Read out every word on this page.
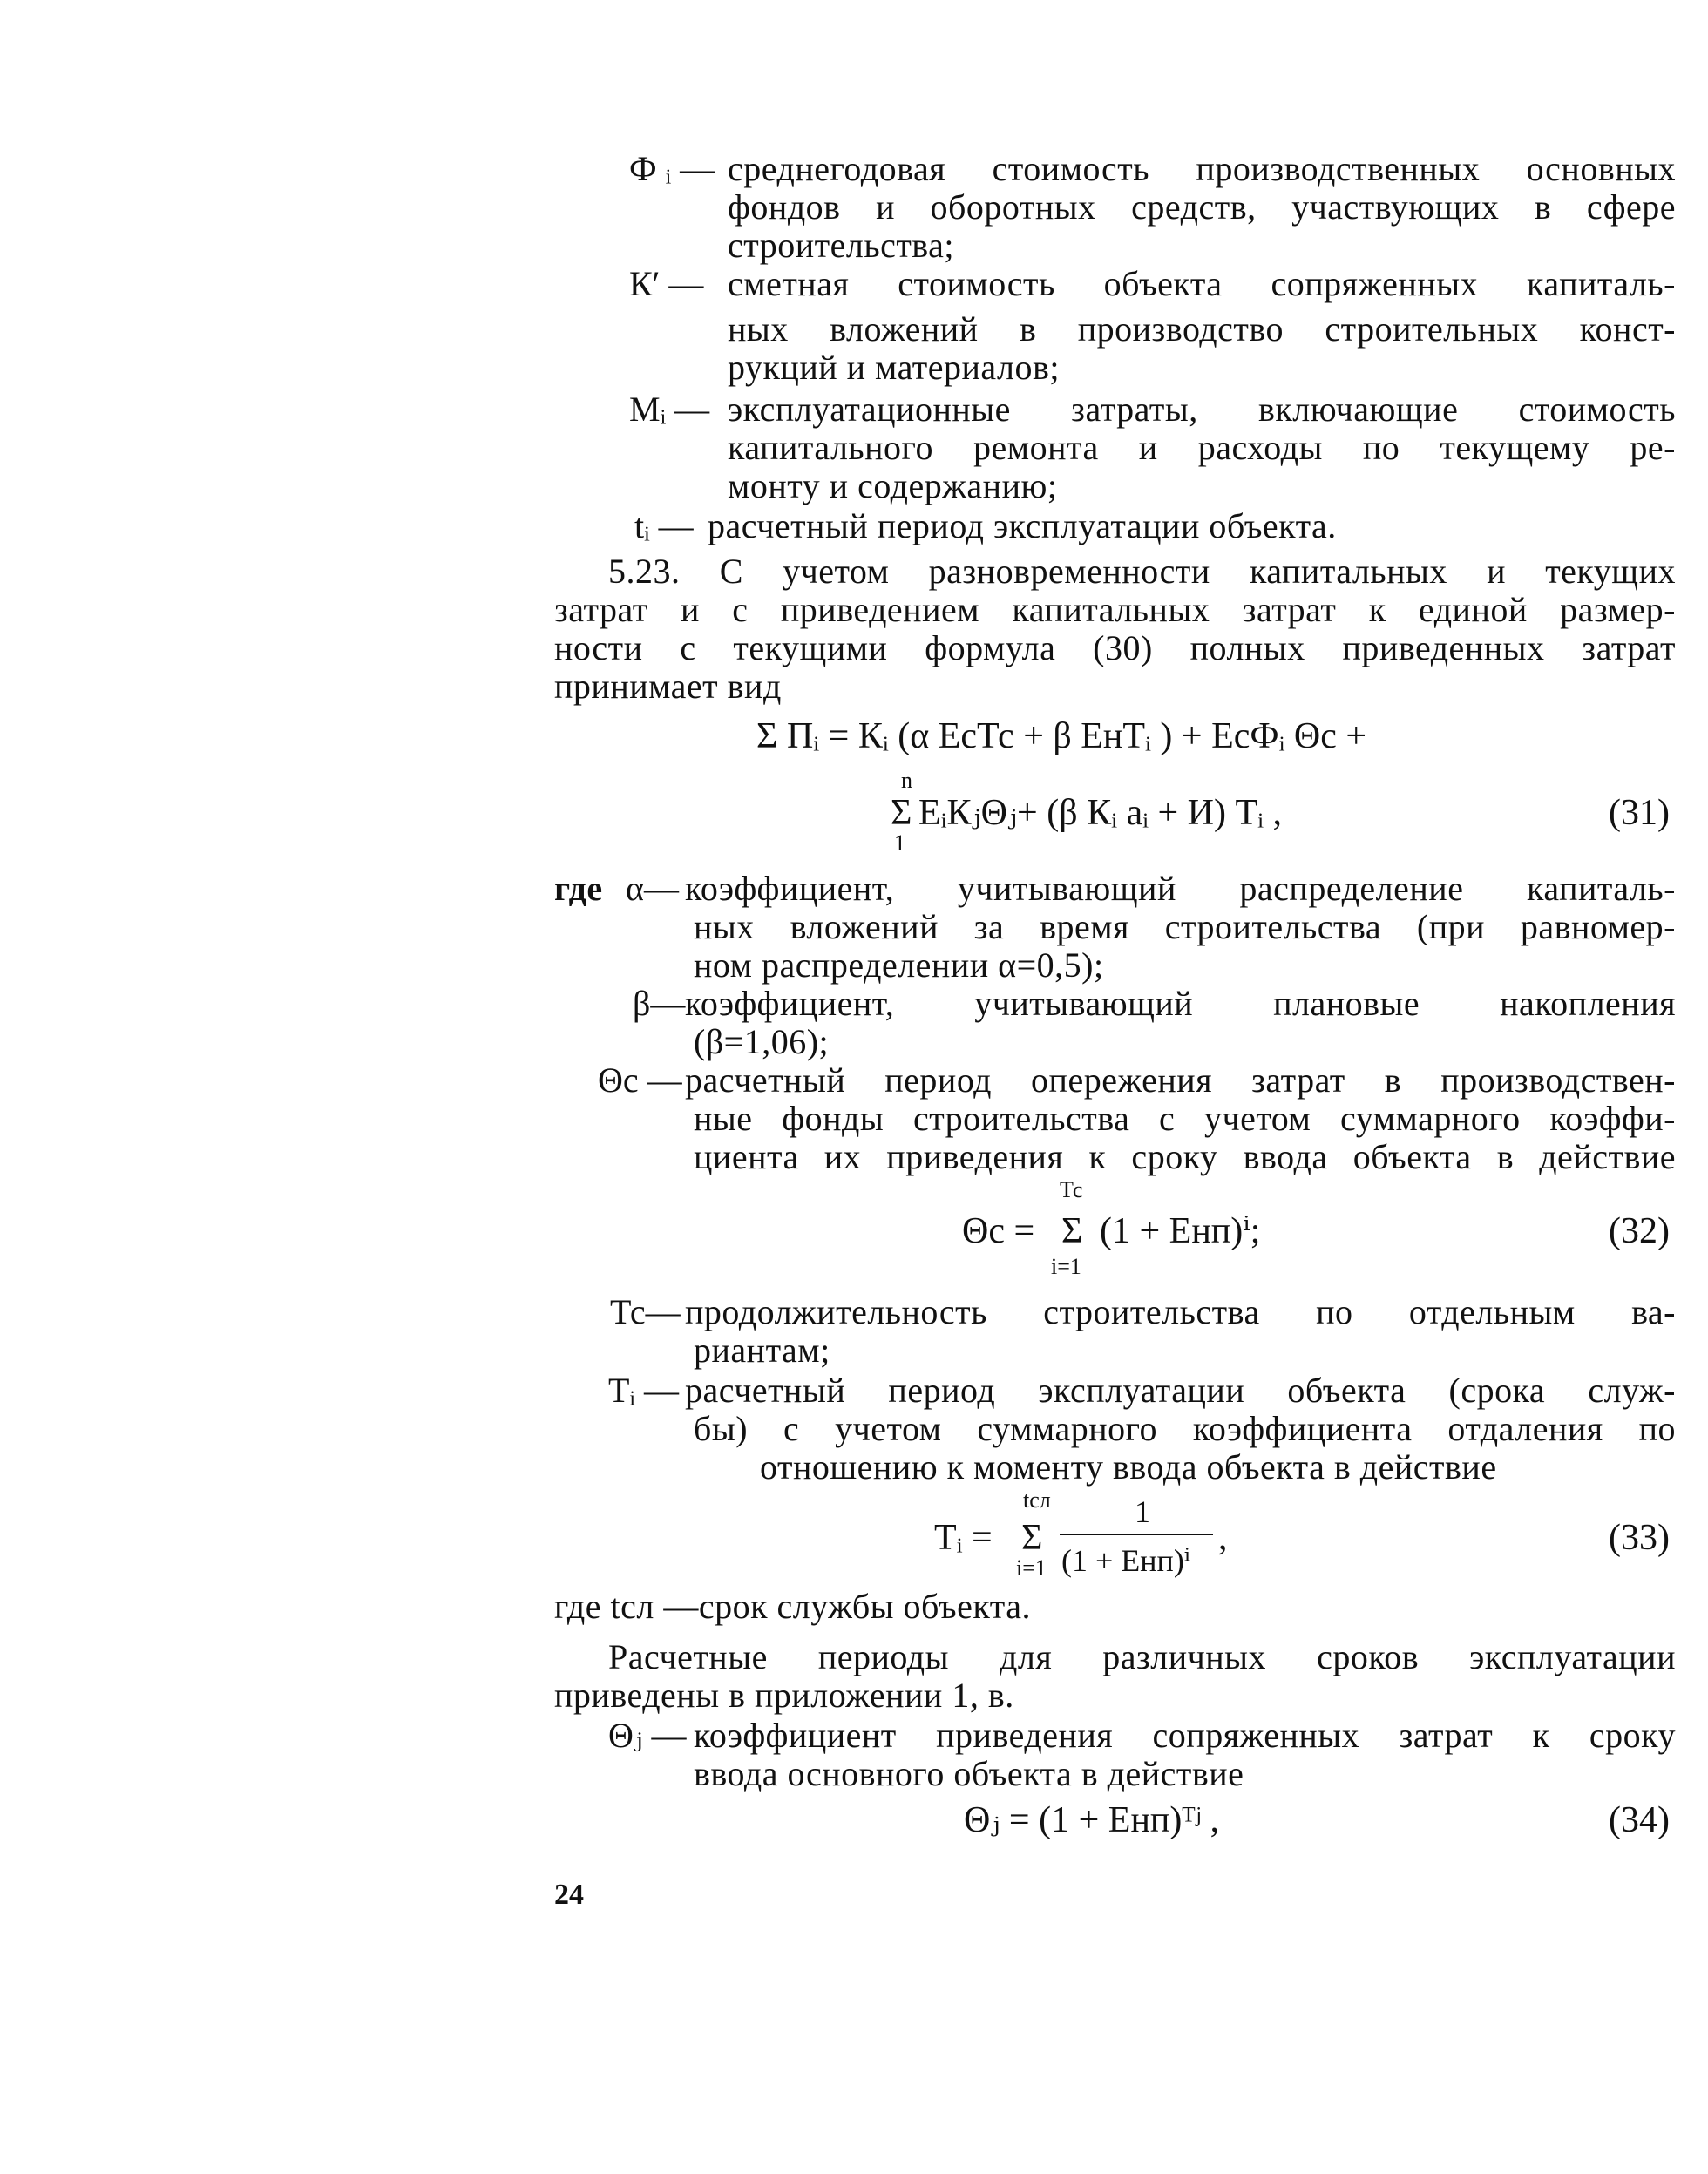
Ф ᵢ — среднегодовая стоимость производственных основных
фондов и оборотных средств, участвующих в сфере
строительства;
К′ — сметная стоимость объекта сопряженных капиталь-
ных вложений в производство строительных конст-
рукций и материалов;
Мᵢ — эксплуатационные затраты, включающие стоимость
капитального ремонта и расходы по текущему ре-
монту и содержанию;
tᵢ — расчетный период эксплуатации объекта.
5.23. С учетом разновременности капитальных и текущих
затрат и с приведением капитальных затрат к единой размер-
ности с текущими формула (30) полных приведенных затрат
принимает вид
Σ Пᵢ = Кᵢ (α ЕсТс + β ЕнТᵢ ) + ЕсФᵢ Θс +
n
Σ
1
ЕᵢКⱼΘⱼ+ (β Кᵢ aᵢ + И) Тᵢ ,	(31)
где α— коэффициент, учитывающий распределение капиталь-
ных вложений за время строительства (при равномер-
ном распределении α=0,5);
β— коэффициент, учитывающий плановые накопления
(β=1,06);
Θс — расчетный период опережения затрат в производствен-
ные фонды строительства с учетом суммарного коэффи-
циента их приведения к сроку ввода объекта в действие
Тс
Θс = Σ (1 + Енп)ⁱ;
i=1
(32)
Тс— продолжительность строительства по отдельным ва-
риантам;
Тᵢ — расчетный период эксплуатации объекта (срока служ-
бы) с учетом суммарного коэффициента отдаления по
отношению к моменту ввода объекта в действие
tсл
Тᵢ = Σ
i=1
1
(1 + Енп)ⁱ
,	(33)
где tсл —срок службы объекта.
Расчетные периоды для различных сроков эксплуатации
приведены в приложении 1, в.
Θⱼ — коэффициент приведения сопряженных затрат к сроку
ввода основного объекта в действие
Θⱼ = (1 + Енп)ᵀʲ ,	(34)
24
